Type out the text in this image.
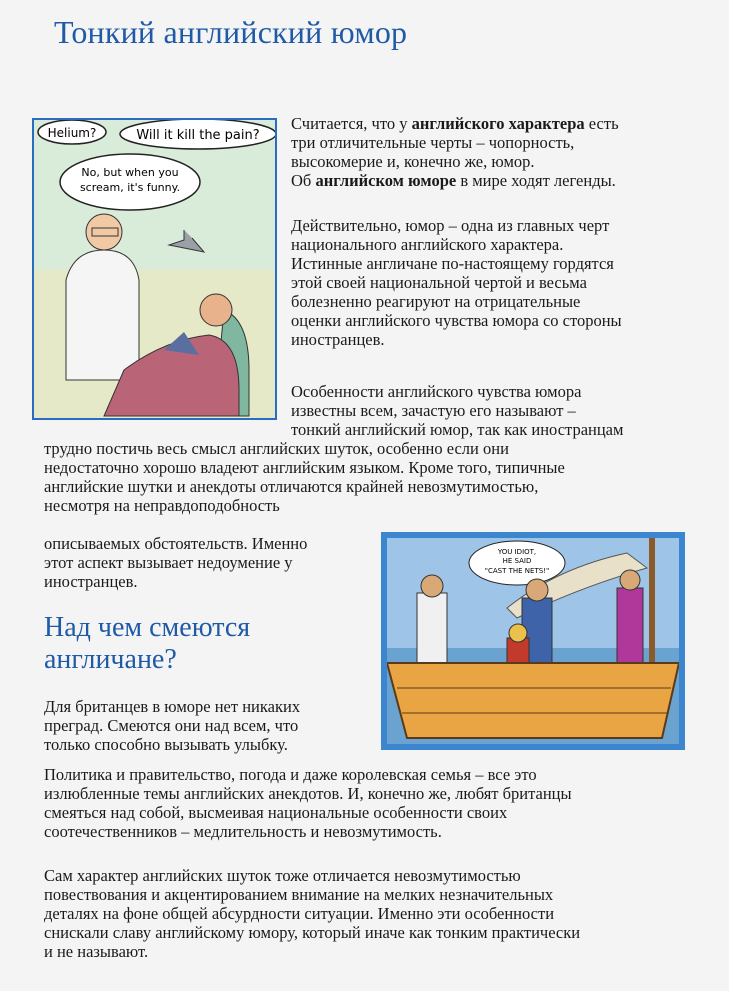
Тонкий английский юмор
Helium?	Will it kill the pain?
No, but when you
scream, it's funny.

Считается, что у английского характера есть
три отличительные черты – чопорность,
высокомерие и, конечно же, юмор.
Об английском юморе в мире ходят легенды.

Действительно, юмор – одна из главных черт
национального английского характера.
Истинные англичане по-настоящему гордятся
этой своей национальной чертой и весьма
болезненно реагируют на отрицательные
оценки английского чувства юмора со стороны
иностранцев.

Особенности английского чувства юмора
известны всем, зачастую его называют –
тонкий английский юмор, так как иностранцам

трудно постичь весь смысл английских шуток, особенно если они
недостаточно хорошо владеют английским языком. Кроме того, типичные
английские шутки и анекдоты отличаются крайней невозмутимостью,
несмотря на неправдоподобность

описываемых обстоятельств. Именно
этот аспект вызывает недоумение у
иностранцев.

YOU IDIOT,
HE SAID
"CAST THE NETS!"
Над чем смеются
англичане?

Для британцев в юморе нет никаких
преград. Смеются они над всем, что
только способно вызывать улыбку.

Политика и правительство, погода и даже королевская семья – все это
излюбленные темы английских анекдотов. И, конечно же, любят британцы
смеяться над собой, высмеивая национальные особенности своих
соотечественников – медлительность и невозмутимость.

Сам характер английских шуток тоже отличается невозмутимостью
повествования и акцентированием внимание на мелких незначительных
деталях на фоне общей абсурдности ситуации. Именно эти особенности
снискали славу английскому юмору, который иначе как тонким практически
и не называют.
